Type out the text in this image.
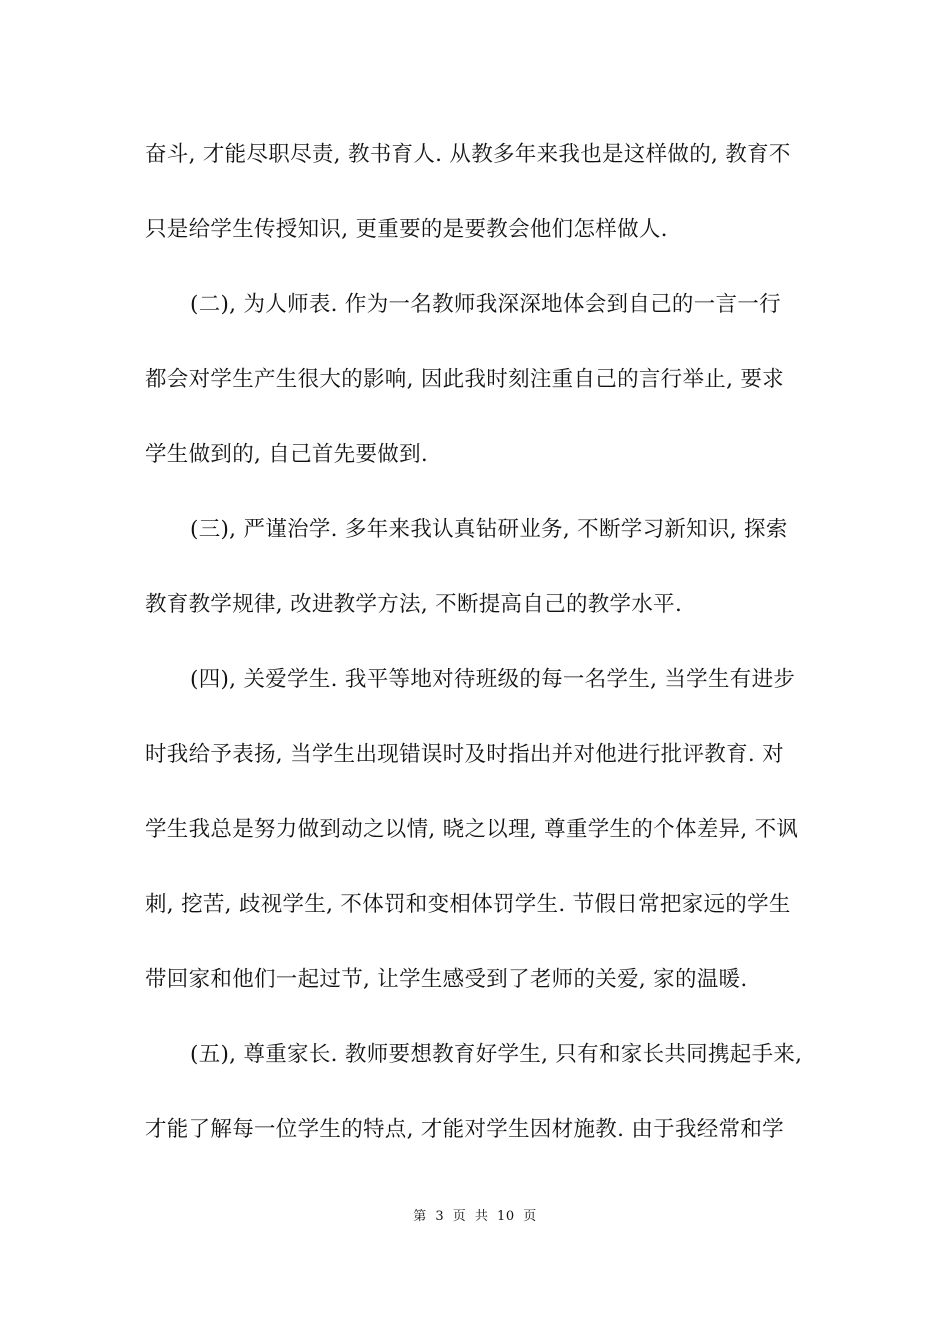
奋斗, 才能尽职尽责, 教书育人. 从教多年来我也是这样做的, 教育不
只是给学生传授知识, 更重要的是要教会他们怎样做人.
(二), 为人师表. 作为一名教师我深深地体会到自己的一言一行
都会对学生产生很大的影响, 因此我时刻注重自己的言行举止, 要求
学生做到的, 自己首先要做到.
(三), 严谨治学. 多年来我认真钻研业务, 不断学习新知识, 探索
教育教学规律, 改进教学方法, 不断提高自己的教学水平.
(四), 关爱学生. 我平等地对待班级的每一名学生, 当学生有进步
时我给予表扬, 当学生出现错误时及时指出并对他进行批评教育. 对
学生我总是努力做到动之以情, 晓之以理, 尊重学生的个体差异, 不讽
刺, 挖苦, 歧视学生, 不体罚和变相体罚学生. 节假日常把家远的学生
带回家和他们一起过节, 让学生感受到了老师的关爱, 家的温暖.
(五), 尊重家长. 教师要想教育好学生, 只有和家长共同携起手来,
才能了解每一位学生的特点, 才能对学生因材施教. 由于我经常和学
第 3 页 共 10 页
